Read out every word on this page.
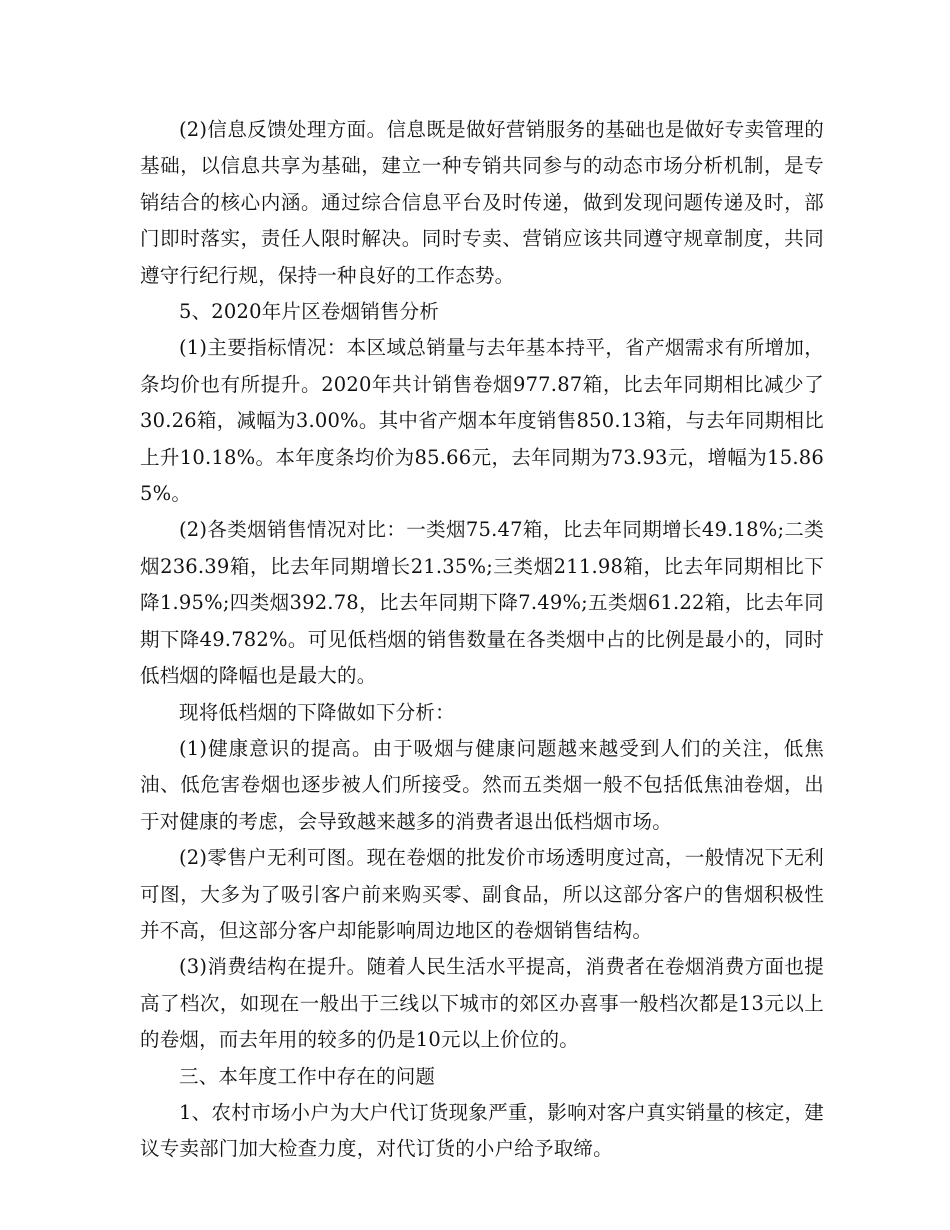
(2)信息反馈处理方面。信息既是做好营销服务的基础也是做好专卖管理的基础，以信息共享为基础，建立一种专销共同参与的动态市场分析机制，是专销结合的核心内涵。通过综合信息平台及时传递，做到发现问题传递及时，部门即时落实，责任人限时解决。同时专卖、营销应该共同遵守规章制度，共同遵守行纪行规，保持一种良好的工作态势。

5、2020年片区卷烟销售分析

(1)主要指标情况：本区域总销量与去年基本持平，省产烟需求有所增加，条均价也有所提升。2020年共计销售卷烟977.87箱，比去年同期相比减少了30.26箱，减幅为3.00%。其中省产烟本年度销售850.13箱，与去年同期相比上升10.18%。本年度条均价为85.66元，去年同期为73.93元，增幅为15.865%。

(2)各类烟销售情况对比：一类烟75.47箱，比去年同期增长49.18%;二类烟236.39箱，比去年同期增长21.35%;三类烟211.98箱，比去年同期相比下降1.95%;四类烟392.78，比去年同期下降7.49%;五类烟61.22箱，比去年同期下降49.782%。可见低档烟的销售数量在各类烟中占的比例是最小的，同时低档烟的降幅也是最大的。

现将低档烟的下降做如下分析：

(1)健康意识的提高。由于吸烟与健康问题越来越受到人们的关注，低焦油、低危害卷烟也逐步被人们所接受。然而五类烟一般不包括低焦油卷烟，出于对健康的考虑，会导致越来越多的消费者退出低档烟市场。

(2)零售户无利可图。现在卷烟的批发价市场透明度过高，一般情况下无利可图，大多为了吸引客户前来购买零、副食品，所以这部分客户的售烟积极性并不高，但这部分客户却能影响周边地区的卷烟销售结构。

(3)消费结构在提升。随着人民生活水平提高，消费者在卷烟消费方面也提高了档次，如现在一般出于三线以下城市的郊区办喜事一般档次都是13元以上的卷烟，而去年用的较多的仍是10元以上价位的。

三、本年度工作中存在的问题

1、农村市场小户为大户代订货现象严重，影响对客户真实销量的核定，建议专卖部门加大检查力度，对代订货的小户给予取缔。
